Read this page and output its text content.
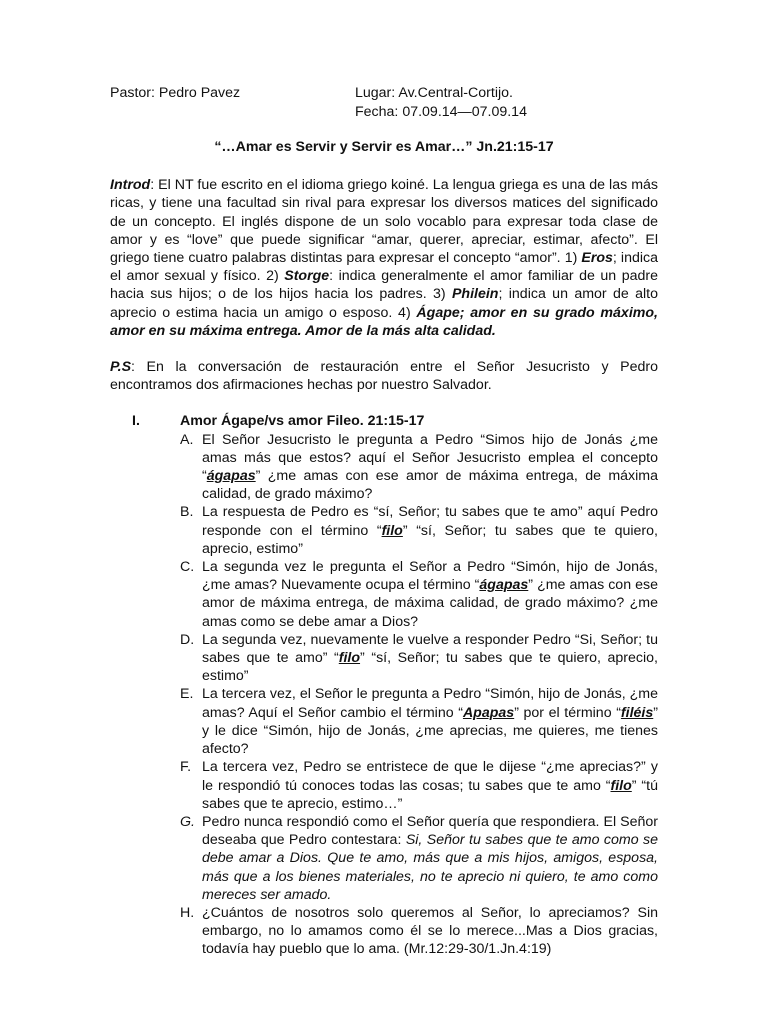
Pastor: Pedro Pavez	Lugar: Av.Central-Cortijo.
Fecha: 07.09.14—07.09.14
“…Amar es Servir y Servir es Amar…” Jn.21:15-17
Introd: El NT fue escrito en el idioma griego koiné. La lengua griega es una de las más ricas, y tiene una facultad sin rival para expresar los diversos matices del significado de un concepto. El inglés dispone de un solo vocablo para expresar toda clase de amor y es “love” que puede significar “amar, querer, apreciar, estimar, afecto”. El griego tiene cuatro palabras distintas para expresar el concepto “amor”. 1) Eros; indica el amor sexual y físico. 2) Storge: indica generalmente el amor familiar de un padre hacia sus hijos; o de los hijos hacia los padres. 3) Philein; indica un amor de alto aprecio o estima hacia un amigo o esposo. 4) Ágape; amor en su grado máximo, amor en su máxima entrega. Amor de la más alta calidad.
P.S: En la conversación de restauración entre el Señor Jesucristo y Pedro encontramos dos afirmaciones hechas por nuestro Salvador.
I.	Amor Ágape/vs amor Fileo. 21:15-17
A. El Señor Jesucristo le pregunta a Pedro “Simos hijo de Jonás ¿me amas más que estos? aquí el Señor Jesucristo emplea el concepto “ágapas” ¿me amas con ese amor de máxima entrega, de máxima calidad, de grado máximo?
B. La respuesta de Pedro es “sí, Señor; tu sabes que te amo” aquí Pedro responde con el término “filo” “sí, Señor; tu sabes que te quiero, aprecio, estimo”
C. La segunda vez le pregunta el Señor a Pedro “Simón, hijo de Jonás, ¿me amas? Nuevamente ocupa el término “ágapas” ¿me amas con ese amor de máxima entrega, de máxima calidad, de grado máximo? ¿me amas como se debe amar a Dios?
D. La segunda vez, nuevamente le vuelve a responder Pedro “Si, Señor; tu sabes que te amo” “filo” “sí, Señor; tu sabes que te quiero, aprecio, estimo”
E. La tercera vez, el Señor le pregunta a Pedro “Simón, hijo de Jonás, ¿me amas? Aquí el Señor cambio el término “Apapas” por el término “filéis” y le dice “Simón, hijo de Jonás, ¿me aprecias, me quieres, me tienes afecto?
F. La tercera vez, Pedro se entristece de que le dijese “¿me aprecias?” y le respondió tú conoces todas las cosas; tu sabes que te amo “filo” “tú sabes que te aprecio, estimo…”
G. Pedro nunca respondió como el Señor quería que respondiera. El Señor deseaba que Pedro contestara: Si, Señor tu sabes que te amo como se debe amar a Dios. Que te amo, más que a mis hijos, amigos, esposa, más que a los bienes materiales, no te aprecio ni quiero, te amo como mereces ser amado.
H. ¿Cuántos de nosotros solo queremos al Señor, lo apreciamos? Sin embargo, no lo amamos como él se lo merece...Mas a Dios gracias, todavía hay pueblo que lo ama. (Mr.12:29-30/1.Jn.4:19)
